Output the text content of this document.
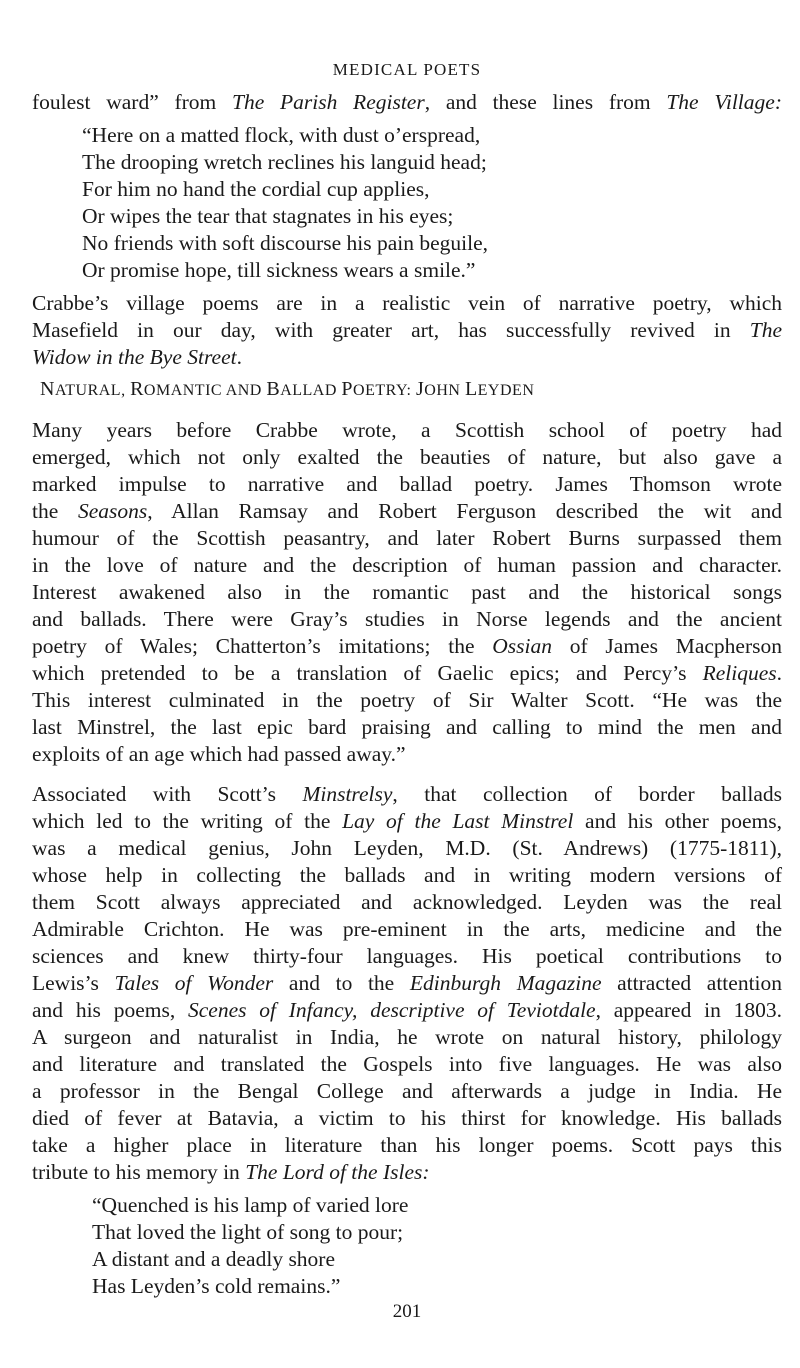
MEDICAL POETS
foulest ward” from The Parish Register, and these lines from The Village:
“Here on a matted flock, with dust o’erspread,
The drooping wretch reclines his languid head;
For him no hand the cordial cup applies,
Or wipes the tear that stagnates in his eyes;
No friends with soft discourse his pain beguile,
Or promise hope, till sickness wears a smile.”
Crabbe’s village poems are in a realistic vein of narrative poetry, which
Masefield in our day, with greater art, has successfully revived in The
Widow in the Bye Street.
NATURAL, ROMANTIC AND BALLAD POETRY: JOHN LEYDEN
Many years before Crabbe wrote, a Scottish school of poetry had
emerged, which not only exalted the beauties of nature, but also gave a
marked impulse to narrative and ballad poetry. James Thomson wrote
the Seasons, Allan Ramsay and Robert Ferguson described the wit and
humour of the Scottish peasantry, and later Robert Burns surpassed them
in the love of nature and the description of human passion and character.
Interest awakened also in the romantic past and the historical songs
and ballads. There were Gray’s studies in Norse legends and the ancient
poetry of Wales; Chatterton’s imitations; the Ossian of James Macpherson
which pretended to be a translation of Gaelic epics; and Percy’s Reliques.
This interest culminated in the poetry of Sir Walter Scott. “He was the
last Minstrel, the last epic bard praising and calling to mind the men and
exploits of an age which had passed away.”
Associated with Scott’s Minstrelsy, that collection of border ballads
which led to the writing of the Lay of the Last Minstrel and his other poems,
was a medical genius, John Leyden, M.D. (St. Andrews) (1775-1811),
whose help in collecting the ballads and in writing modern versions of
them Scott always appreciated and acknowledged. Leyden was the real
Admirable Crichton. He was pre-eminent in the arts, medicine and the
sciences and knew thirty-four languages. His poetical contributions to
Lewis’s Tales of Wonder and to the Edinburgh Magazine attracted attention
and his poems, Scenes of Infancy, descriptive of Teviotdale, appeared in 1803.
A surgeon and naturalist in India, he wrote on natural history, philology
and literature and translated the Gospels into five languages. He was also
a professor in the Bengal College and afterwards a judge in India. He
died of fever at Batavia, a victim to his thirst for knowledge. His ballads
take a higher place in literature than his longer poems. Scott pays this
tribute to his memory in The Lord of the Isles:
“Quenched is his lamp of varied lore
That loved the light of song to pour;
A distant and a deadly shore
Has Leyden’s cold remains.”
201
